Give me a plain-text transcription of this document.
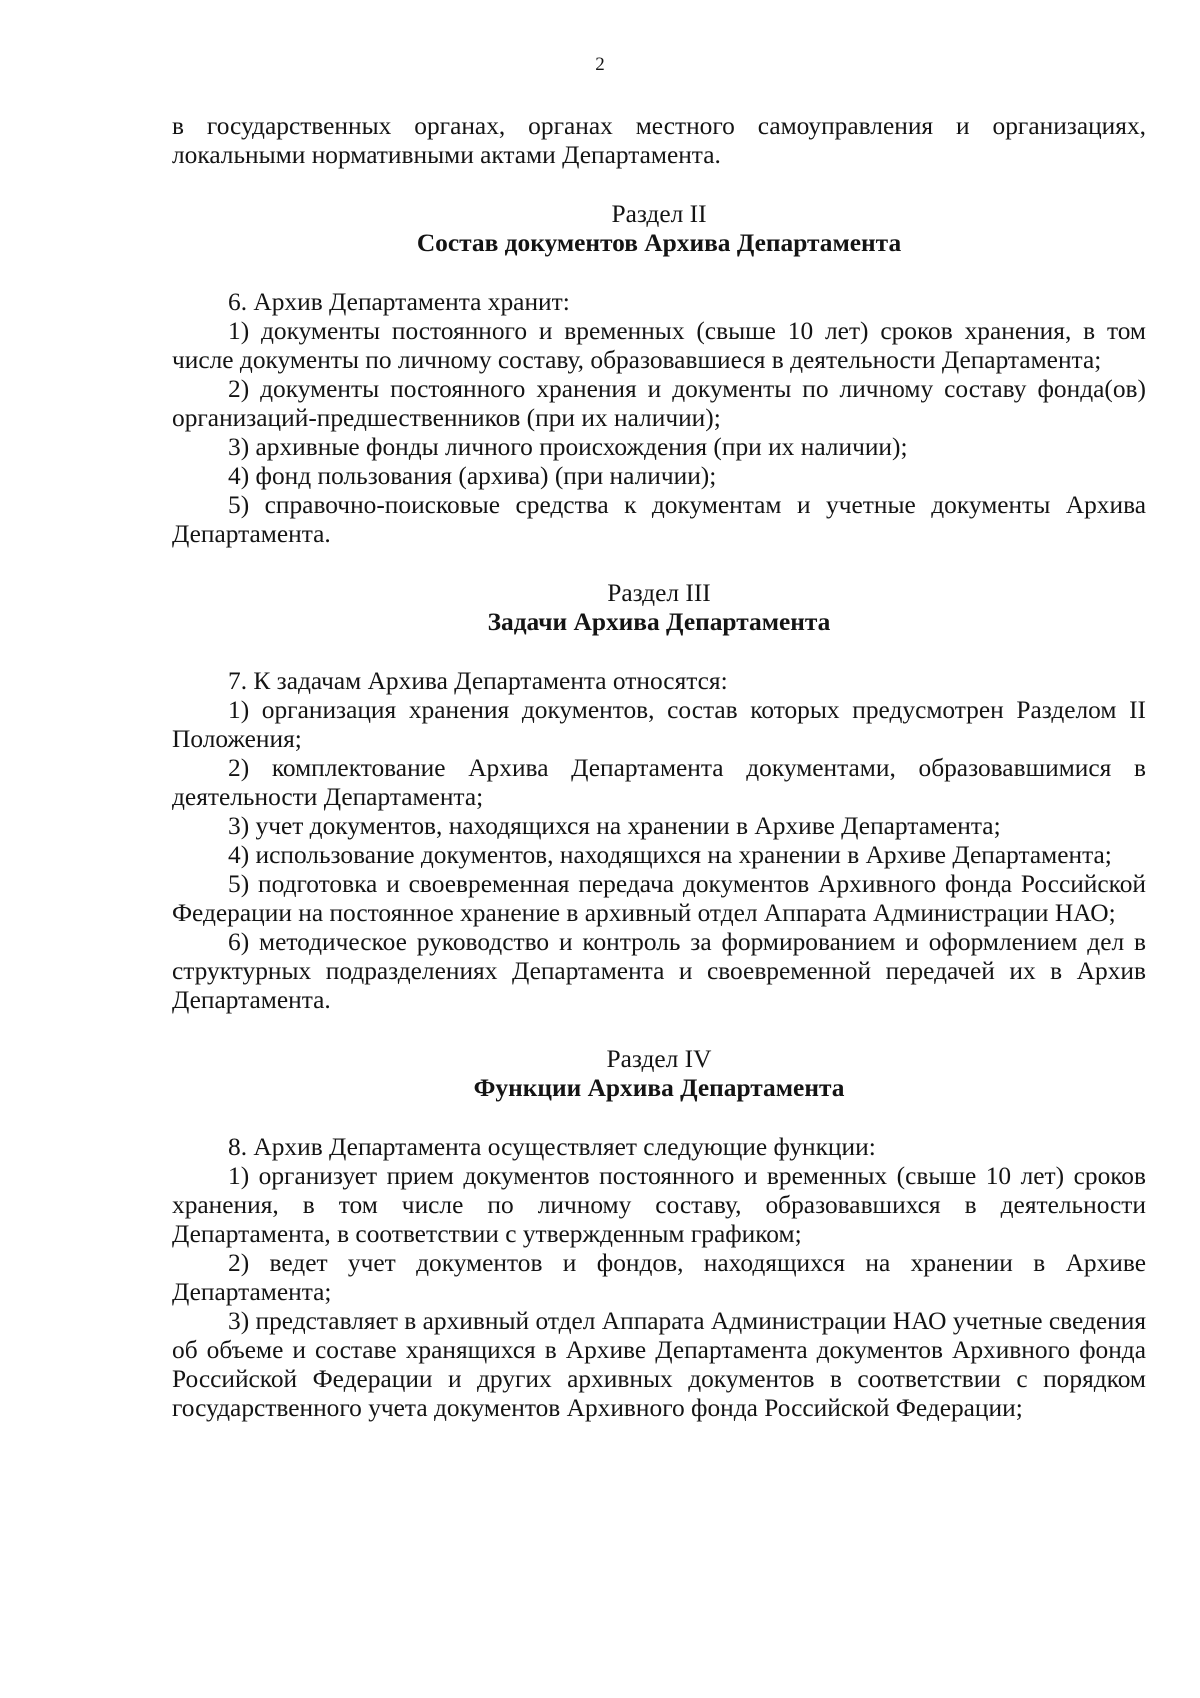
2

в государственных органах, органах местного самоуправления и организациях, локальными нормативными актами Департамента.

Раздел II

Состав документов Архива Департамента

6. Архив Департамента хранит:

1) документы постоянного и временных (свыше 10 лет) сроков хранения, в том числе документы по личному составу, образовавшиеся в деятельности Департамента;

2) документы постоянного хранения и документы по личному составу фонда(ов) организаций-предшественников (при их наличии);

3) архивные фонды личного происхождения (при их наличии);

4) фонд пользования (архива) (при наличии);

5) справочно-поисковые средства к документам и учетные документы Архива Департамента.

Раздел III

Задачи Архива Департамента

7. К задачам Архива Департамента относятся:

1) организация хранения документов, состав которых предусмотрен Разделом II Положения;

2) комплектование Архива Департамента документами, образовавшимися в деятельности Департамента;

3) учет документов, находящихся на хранении в Архиве Департамента;

4) использование документов, находящихся на хранении в Архиве Департамента;

5) подготовка и своевременная передача документов Архивного фонда Российской Федерации на постоянное хранение в архивный отдел Аппарата Администрации НАО;

6) методическое руководство и контроль за формированием и оформлением дел в структурных подразделениях Департамента и своевременной передачей их в Архив Департамента.

Раздел IV

Функции Архива Департамента

8. Архив Департамента осуществляет следующие функции:

1) организует прием документов постоянного и временных (свыше 10 лет) сроков хранения, в том числе по личному составу, образовавшихся в деятельности Департамента, в соответствии с утвержденным графиком;

2) ведет учет документов и фондов, находящихся на хранении в Архиве Департамента;

3) представляет в архивный отдел Аппарата Администрации НАО учетные сведения об объеме и составе хранящихся в Архиве Департамента документов Архивного фонда Российской Федерации и других архивных документов в соответствии с порядком государственного учета документов Архивного фонда Российской Федерации;
